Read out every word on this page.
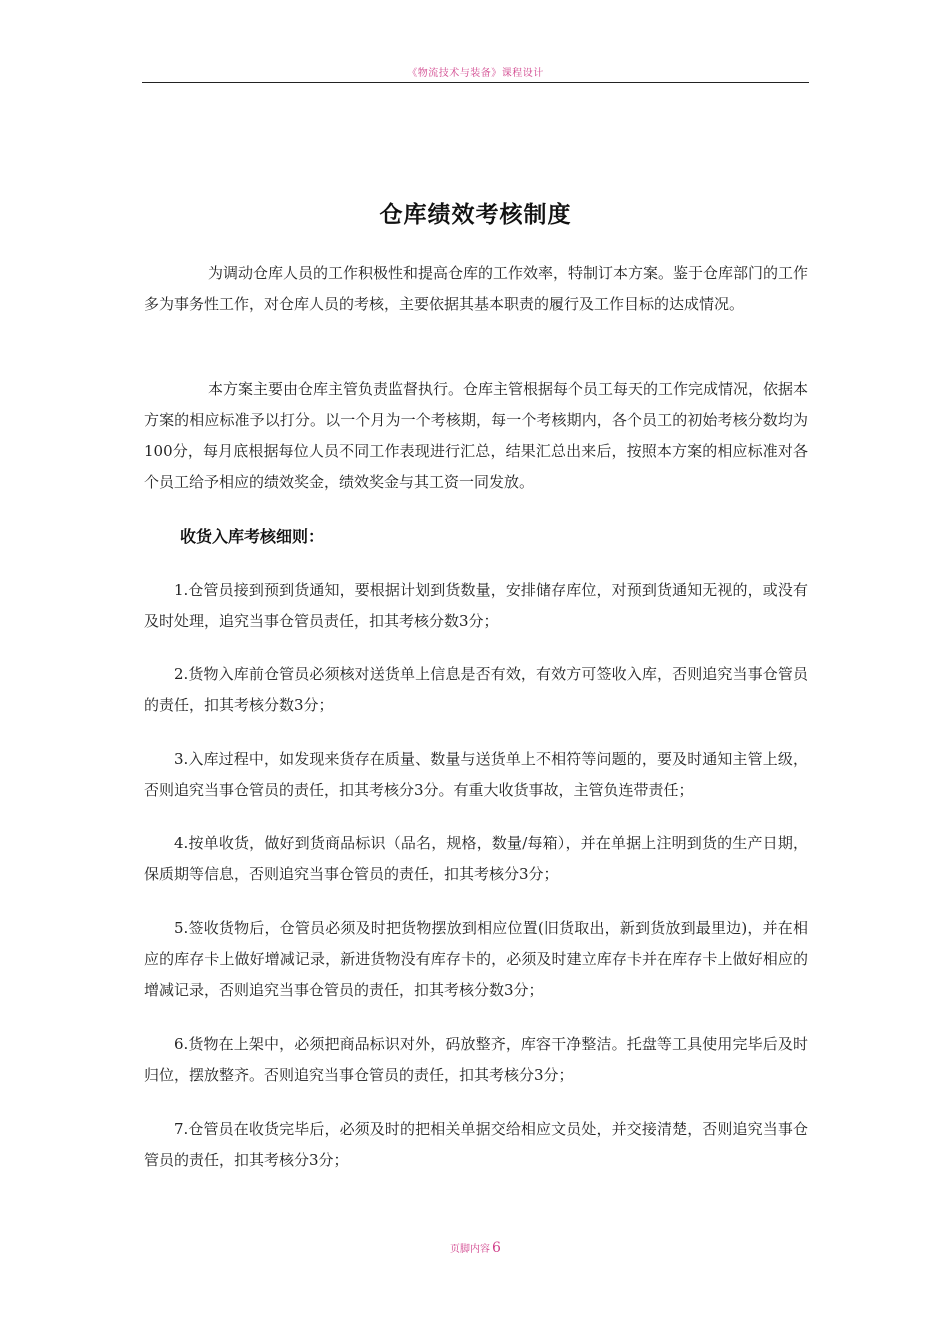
《物流技术与装备》课程设计
仓库绩效考核制度

为调动仓库人员的工作积极性和提高仓库的工作效率，特制订本方案。鉴于仓库部门的工作多为事务性工作，对仓库人员的考核，主要依据其基本职责的履行及工作目标的达成情况。

本方案主要由仓库主管负责监督执行。仓库主管根据每个员工每天的工作完成情况，依据本方案的相应标准予以打分。以一个月为一个考核期，每一个考核期内，各个员工的初始考核分数均为100分，每月底根据每位人员不同工作表现进行汇总，结果汇总出来后，按照本方案的相应标准对各个员工给予相应的绩效奖金，绩效奖金与其工资一同发放。

收货入库考核细则：

1.仓管员接到预到货通知，要根据计划到货数量，安排储存库位，对预到货通知无视的，或没有及时处理，追究当事仓管员责任，扣其考核分数3分；

2.货物入库前仓管员必须核对送货单上信息是否有效，有效方可签收入库，否则追究当事仓管员的责任，扣其考核分数3分；

3.入库过程中，如发现来货存在质量、数量与送货单上不相符等问题的，要及时通知主管上级，否则追究当事仓管员的责任，扣其考核分3分。有重大收货事故，主管负连带责任；

4.按单收货，做好到货商品标识（品名，规格，数量/每箱），并在单据上注明到货的生产日期，保质期等信息，否则追究当事仓管员的责任，扣其考核分3分；

5.签收货物后，仓管员必须及时把货物摆放到相应位置(旧货取出，新到货放到最里边)，并在相应的库存卡上做好增减记录，新进货物没有库存卡的，必须及时建立库存卡并在库存卡上做好相应的增减记录，否则追究当事仓管员的责任，扣其考核分数3分；

6.货物在上架中，必须把商品标识对外，码放整齐，库容干净整洁。托盘等工具使用完毕后及时归位，摆放整齐。否则追究当事仓管员的责任，扣其考核分3分；

7.仓管员在收货完毕后，必须及时的把相关单据交给相应文员处，并交接清楚，否则追究当事仓管员的责任，扣其考核分3分；

页脚内容 6
